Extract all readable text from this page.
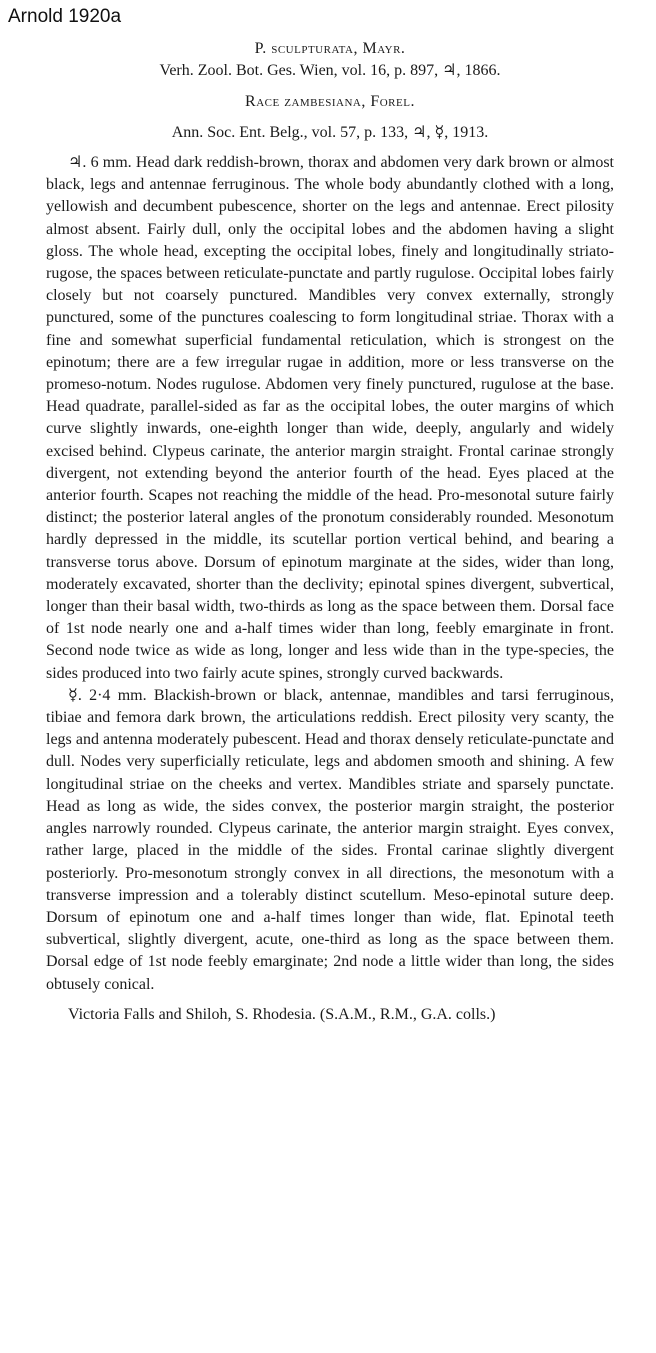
Arnold 1920a
P. sculpturata, Mayr.
Verh. Zool. Bot. Ges. Wien, vol. 16, p. 897, ♃, 1866.
Race zambesiana, Forel.
Ann. Soc. Ent. Belg., vol. 57, p. 133, ♃, ☿, 1913.

♃. 6 mm. Head dark reddish-brown, thorax and abdomen very dark brown or almost black, legs and antennae ferruginous. The whole body abundantly clothed with a long, yellowish and decumbent pubescence, shorter on the legs and antennae. Erect pilosity almost absent. Fairly dull, only the occipital lobes and the abdomen having a slight gloss. The whole head, excepting the occipital lobes, finely and longitudinally striato-rugose, the spaces between reticulate-punctate and partly rugulose. Occipital lobes fairly closely but not coarsely punctured. Mandibles very convex externally, strongly punctured, some of the punctures coalescing to form longitudinal striae. Thorax with a fine and somewhat superficial fundamental reticulation, which is strongest on the epinotum; there are a few irregular rugae in addition, more or less transverse on the promeso-notum. Nodes rugulose. Abdomen very finely punctured, rugulose at the base. Head quadrate, parallel-sided as far as the occipital lobes, the outer margins of which curve slightly inwards, one-eighth longer than wide, deeply, angularly and widely excised behind. Clypeus carinate, the anterior margin straight. Frontal carinae strongly divergent, not extending beyond the anterior fourth of the head. Eyes placed at the anterior fourth. Scapes not reaching the middle of the head. Pro-mesonotal suture fairly distinct; the posterior lateral angles of the pronotum considerably rounded. Mesonotum hardly depressed in the middle, its scutellar portion vertical behind, and bearing a transverse torus above. Dorsum of epinotum marginate at the sides, wider than long, moderately excavated, shorter than the declivity; epinotal spines divergent, subvertical, longer than their basal width, two-thirds as long as the space between them. Dorsal face of 1st node nearly one and a-half times wider than long, feebly emarginate in front. Second node twice as wide as long, longer and less wide than in the type-species, the sides produced into two fairly acute spines, strongly curved backwards.

☿. 2·4 mm. Blackish-brown or black, antennae, mandibles and tarsi ferruginous, tibiae and femora dark brown, the articulations reddish. Erect pilosity very scanty, the legs and antenna moderately pubescent. Head and thorax densely reticulate-punctate and dull. Nodes very superficially reticulate, legs and abdomen smooth and shining. A few longitudinal striae on the cheeks and vertex. Mandibles striate and sparsely punctate. Head as long as wide, the sides convex, the posterior margin straight, the posterior angles narrowly rounded. Clypeus carinate, the anterior margin straight. Eyes convex, rather large, placed in the middle of the sides. Frontal carinae slightly divergent posteriorly. Pro-mesonotum strongly convex in all directions, the mesonotum with a transverse impression and a tolerably distinct scutellum. Meso-epinotal suture deep. Dorsum of epinotum one and a-half times longer than wide, flat. Epinotal teeth subvertical, slightly divergent, acute, one-third as long as the space between them. Dorsal edge of 1st node feebly emarginate; 2nd node a little wider than long, the sides obtusely conical.

Victoria Falls and Shiloh, S. Rhodesia. (S.A.M., R.M., G.A. colls.)
